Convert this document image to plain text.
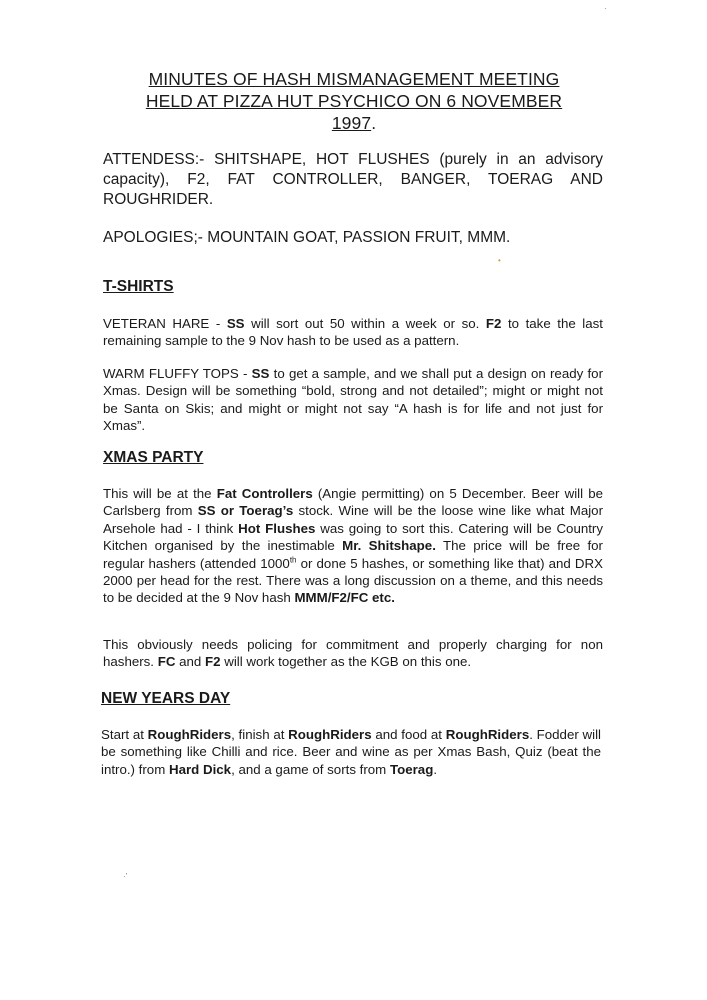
MINUTES OF HASH MISMANAGEMENT MEETING
HELD AT PIZZA HUT PSYCHICO ON 6 NOVEMBER
1997.
ATTENDESS:- SHITSHAPE, HOT FLUSHES (purely in an advisory capacity), F2, FAT CONTROLLER, BANGER, TOERAG AND ROUGHRIDER.
APOLOGIES;- MOUNTAIN GOAT, PASSION FRUIT, MMM.
T-SHIRTS
VETERAN HARE - SS will sort out 50 within a week or so. F2 to take the last remaining sample to the 9 Nov hash to be used as a pattern.
WARM FLUFFY TOPS - SS to get a sample, and we shall put a design on ready for Xmas. Design will be something “bold, strong and not detailed”; might or might not be Santa on Skis; and might or might not say “A hash is for life and not just for Xmas”.
XMAS PARTY
This will be at the Fat Controllers (Angie permitting) on 5 December. Beer will be Carlsberg from SS or Toerag’s stock. Wine will be the loose wine like what Major Arsehole had - I think Hot Flushes was going to sort this. Catering will be Country Kitchen organised by the inestimable Mr. Shitshape. The price will be free for regular hashers (attended 1000th or done 5 hashes, or something like that) and DRX 2000 per head for the rest. There was a long discussion on a theme, and this needs to be decided at the 9 Nov hash MMM/F2/FC etc.
This obviously needs policing for commitment and properly charging for non hashers. FC and F2 will work together as the KGB on this one.
NEW YEARS DAY
Start at RoughRiders, finish at RoughRiders and food at RoughRiders. Fodder will be something like Chilli and rice. Beer and wine as per Xmas Bash, Quiz (beat the intro.) from Hard Dick, and a game of sorts from Toerag.
·’
·
•
